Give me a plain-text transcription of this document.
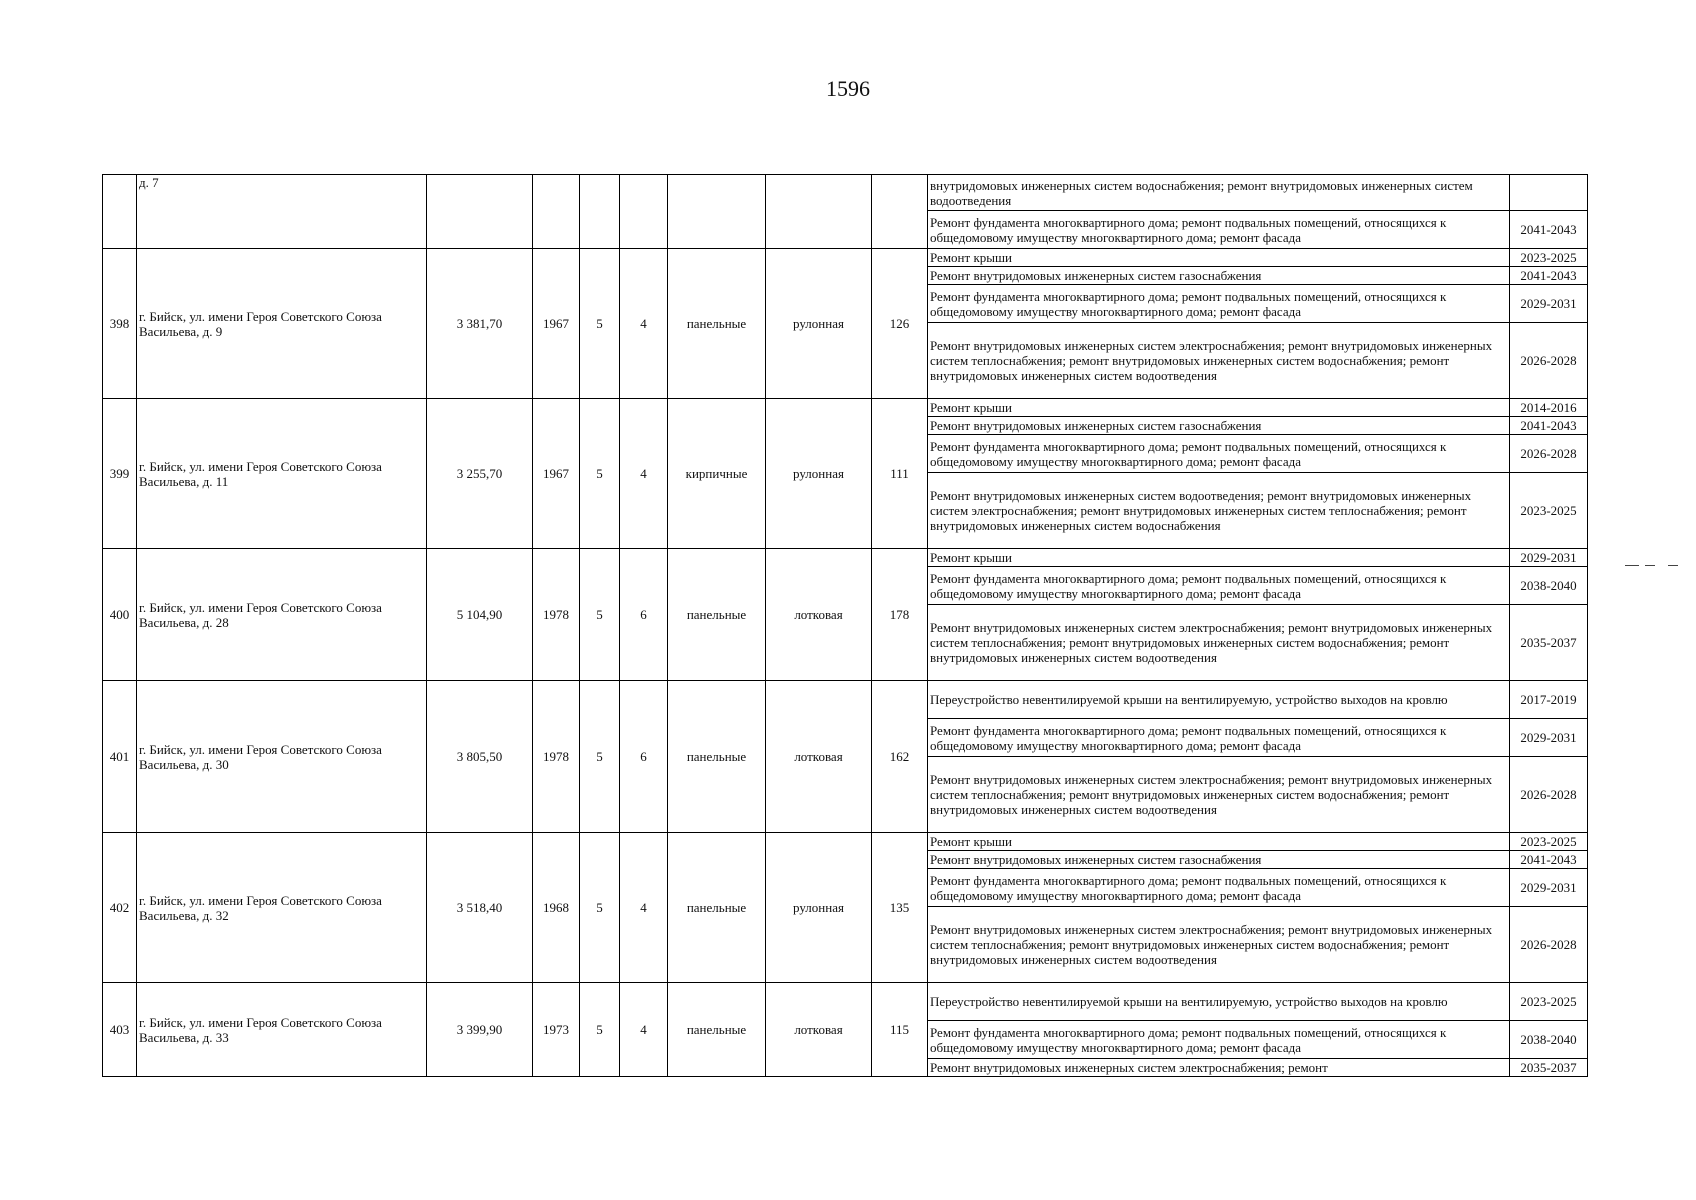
1596
	д. 7								внутридомовых инженерных систем водоснабжения; ремонт внутридомовых инженерных систем водоотведения	
									Ремонт фундамента многоквартирного дома; ремонт подвальных помещений, относящихся к общедомовому имуществу многоквартирного дома; ремонт фасада	2041-2043
398	г. Бийск, ул. имени Героя Советского Союза Васильева, д. 9	3 381,70	1967	5	4	панельные	рулонная	126	Ремонт крыши	2023-2025
									Ремонт внутридомовых инженерных систем газоснабжения	2041-2043
									Ремонт фундамента многоквартирного дома; ремонт подвальных помещений, относящихся к общедомовому имуществу многоквартирного дома; ремонт фасада	2029-2031
									Ремонт внутридомовых инженерных систем электроснабжения; ремонт внутридомовых инженерных систем теплоснабжения; ремонт внутридомовых инженерных систем водоснабжения; ремонт внутридомовых инженерных систем водоотведения	2026-2028
399	г. Бийск, ул. имени Героя Советского Союза Васильева, д. 11	3 255,70	1967	5	4	кирпичные	рулонная	111	Ремонт крыши	2014-2016
									Ремонт внутридомовых инженерных систем газоснабжения	2041-2043
									Ремонт фундамента многоквартирного дома; ремонт подвальных помещений, относящихся к общедомовому имуществу многоквартирного дома; ремонт фасада	2026-2028
									Ремонт внутридомовых инженерных систем водоотведения; ремонт внутридомовых инженерных систем электроснабжения; ремонт внутридомовых инженерных систем теплоснабжения; ремонт внутридомовых инженерных систем водоснабжения	2023-2025
400	г. Бийск, ул. имени Героя Советского Союза Васильева, д. 28	5 104,90	1978	5	6	панельные	лотковая	178	Ремонт крыши	2029-2031
									Ремонт фундамента многоквартирного дома; ремонт подвальных помещений, относящихся к общедомовому имуществу многоквартирного дома; ремонт фасада	2038-2040
									Ремонт внутридомовых инженерных систем электроснабжения; ремонт внутридомовых инженерных систем теплоснабжения; ремонт внутридомовых инженерных систем водоснабжения; ремонт внутридомовых инженерных систем водоотведения	2035-2037
401	г. Бийск, ул. имени Героя Советского Союза Васильева, д. 30	3 805,50	1978	5	6	панельные	лотковая	162	Переустройство невентилируемой крыши на вентилируемую, устройство выходов на кровлю	2017-2019
									Ремонт фундамента многоквартирного дома; ремонт подвальных помещений, относящихся к общедомовому имуществу многоквартирного дома; ремонт фасада	2029-2031
									Ремонт внутридомовых инженерных систем электроснабжения; ремонт внутридомовых инженерных систем теплоснабжения; ремонт внутридомовых инженерных систем водоснабжения; ремонт внутридомовых инженерных систем водоотведения	2026-2028
402	г. Бийск, ул. имени Героя Советского Союза Васильева, д. 32	3 518,40	1968	5	4	панельные	рулонная	135	Ремонт крыши	2023-2025
									Ремонт внутридомовых инженерных систем газоснабжения	2041-2043
									Ремонт фундамента многоквартирного дома; ремонт подвальных помещений, относящихся к общедомовому имуществу многоквартирного дома; ремонт фасада	2029-2031
									Ремонт внутридомовых инженерных систем электроснабжения; ремонт внутридомовых инженерных систем теплоснабжения; ремонт внутридомовых инженерных систем водоснабжения; ремонт внутридомовых инженерных систем водоотведения	2026-2028
403	г. Бийск, ул. имени Героя Советского Союза Васильева, д. 33	3 399,90	1973	5	4	панельные	лотковая	115	Переустройство невентилируемой крыши на вентилируемую, устройство выходов на кровлю	2023-2025
									Ремонт фундамента многоквартирного дома; ремонт подвальных помещений, относящихся к общедомовому имуществу многоквартирного дома; ремонт фасада	2038-2040
									Ремонт внутридомовых инженерных систем электроснабжения; ремонт	2035-2037
